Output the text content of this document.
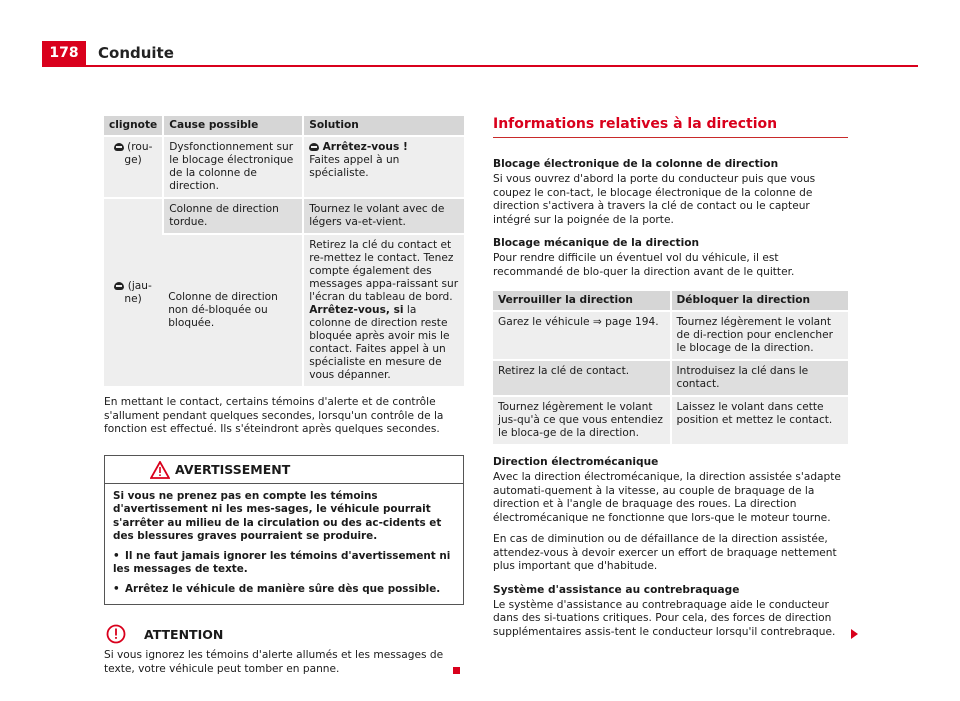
178	Conduite
clignote	Cause possible	Solution
(rou-ge)	Dysfonctionnement sur le blocage électronique de la colonne de direction.	Arrêtez-vous !
Faites appel à un spécialiste.
(jau-ne)	Colonne de direction tordue.	Tournez le volant avec de légers va-et-vient.
	Colonne de direction non dé-bloquée ou bloquée.	Retirez la clé du contact et re-mettez le contact. Tenez compte également des messages appa-raissant sur l'écran du tableau de bord.
Arrêtez-vous, si la colonne de direction reste bloquée après avoir mis le contact. Faites appel à un spécialiste en mesure de vous dépanner.

En mettant le contact, certains témoins d'alerte et de contrôle s'allument pendant quelques secondes, lorsqu'un contrôle de la fonction est effectué. Ils s'éteindront après quelques secondes.

AVERTISSEMENT

Si vous ne prenez pas en compte les témoins d'avertissement ni les mes-sages, le véhicule pourrait s'arrêter au milieu de la circulation ou des ac-cidents et des blessures graves pourraient se produire.

• Il ne faut jamais ignorer les témoins d'avertissement ni les messages de texte.

• Arrêtez le véhicule de manière sûre dès que possible.

ATTENTION

Si vous ignorez les témoins d'alerte allumés et les messages de texte, votre véhicule peut tomber en panne.

Informations relatives à la direction
Blocage électronique de la colonne de direction

Si vous ouvrez d'abord la porte du conducteur puis que vous coupez le con-tact, le blocage électronique de la colonne de direction s'activera à travers la clé de contact ou le capteur intégré sur la poignée de la porte.

Blocage mécanique de la direction

Pour rendre difficile un éventuel vol du véhicule, il est recommandé de blo-quer la direction avant de le quitter.

Verrouiller la direction	Débloquer la direction
Garez le véhicule ⇒ page 194.	Tournez légèrement le volant de di-rection pour enclencher le blocage de la direction.
Retirez la clé de contact.	Introduisez la clé dans le contact.
Tournez légèrement le volant jus-qu'à ce que vous entendiez le bloca-ge de la direction.	Laissez le volant dans cette position et mettez le contact.
Direction électromécanique

Avec la direction électromécanique, la direction assistée s'adapte automati-quement à la vitesse, au couple de braquage de la direction et à l'angle de braquage des roues. La direction électromécanique ne fonctionne que lors-que le moteur tourne.

En cas de diminution ou de défaillance de la direction assistée, attendez-vous à devoir exercer un effort de braquage nettement plus important que d'habitude.

Système d'assistance au contrebraquage

Le système d'assistance au contrebraquage aide le conducteur dans des si-tuations critiques. Pour cela, des forces de direction supplémentaires assis-tent le conducteur lorsqu'il contrebraque.
